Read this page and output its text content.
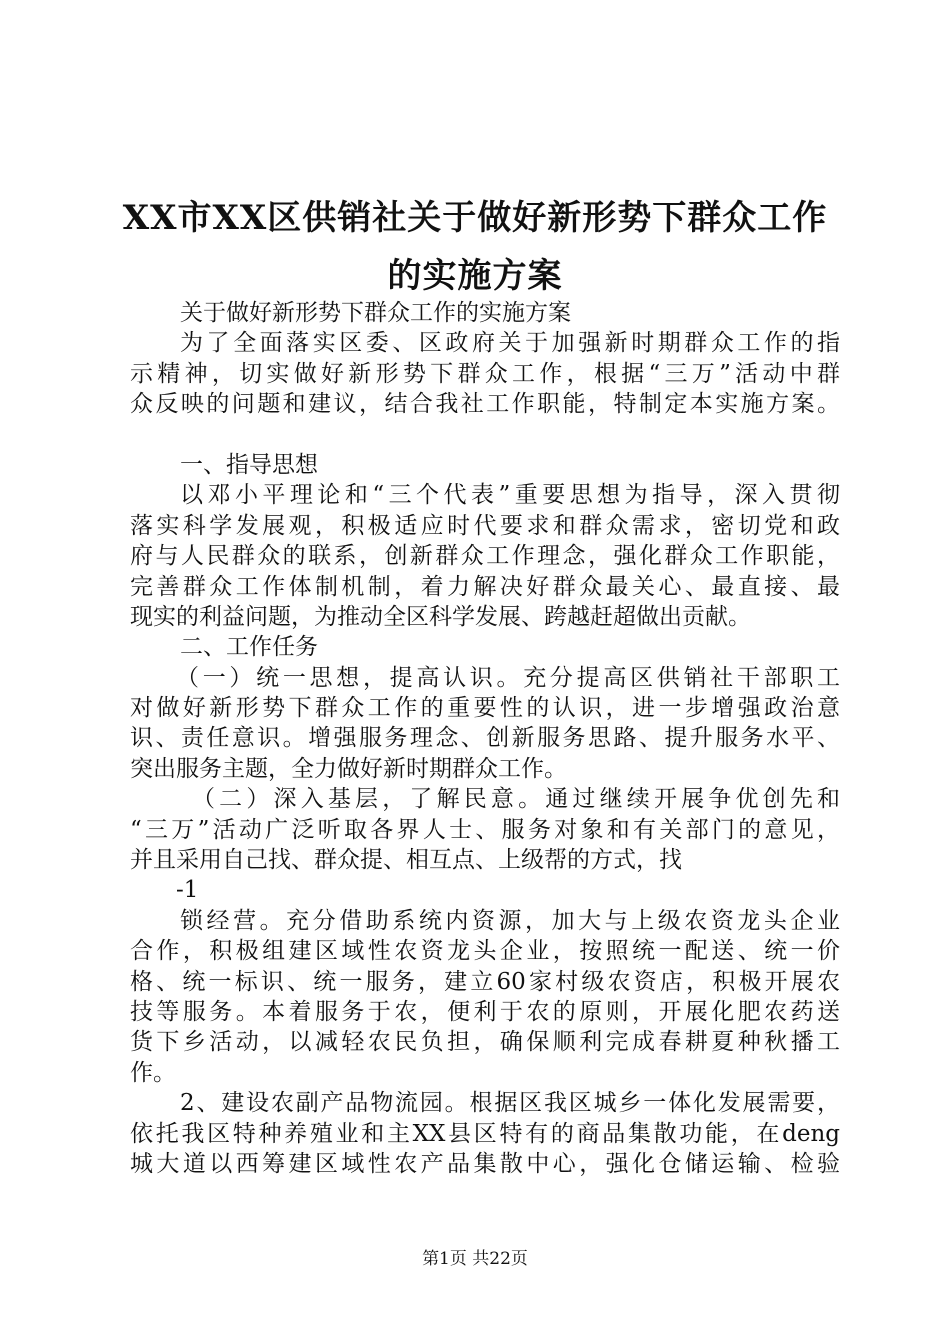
XX市XX区供销社关于做好新形势下群众工作
的实施方案
关于做好新形势下群众工作的实施方案
为了全面落实区委、区政府关于加强新时期群众工作的指
示精神，切实做好新形势下群众工作，根据“三万”活动中群
众反映的问题和建议，结合我社工作职能，特制定本实施方案。
一、指导思想
以邓小平理论和“三个代表”重要思想为指导，深入贯彻
落实科学发展观，积极适应时代要求和群众需求，密切党和政
府与人民群众的联系，创新群众工作理念，强化群众工作职能，
完善群众工作体制机制，着力解决好群众最关心、最直接、最
现实的利益问题，为推动全区科学发展、跨越赶超做出贡献。
二、工作任务
（一）统一思想，提高认识。充分提高区供销社干部职工
对做好新形势下群众工作的重要性的认识，进一步增强政治意
识、责任意识。增强服务理念、创新服务思路、提升服务水平、
突出服务主题，全力做好新时期群众工作。
（二）深入基层，了解民意。通过继续开展争优创先和
“三万”活动广泛听取各界人士、服务对象和有关部门的意见，
并且采用自己找、群众提、相互点、上级帮的方式，找
-1
锁经营。充分借助系统内资源，加大与上级农资龙头企业
合作，积极组建区域性农资龙头企业，按照统一配送、统一价
格、统一标识、统一服务，建立60家村级农资店，积极开展农
技等服务。本着服务于农，便利于农的原则，开展化肥农药送
货下乡活动，以减轻农民负担，确保顺利完成春耕夏种秋播工
作。
2、建设农副产品物流园。根据区我区城乡一体化发展需要，
依托我区特种养殖业和主XX县区特有的商品集散功能，在deng
城大道以西筹建区域性农产品集散中心，强化仓储运输、检验
第1页 共22页
